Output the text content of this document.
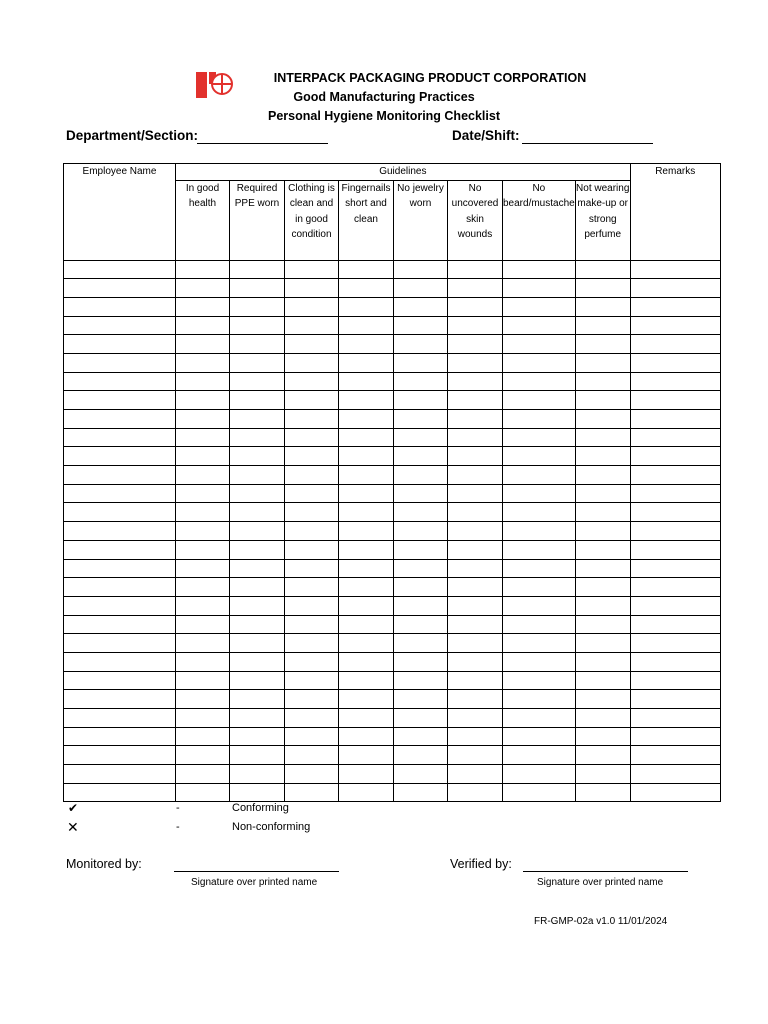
INTERPACK PACKAGING PRODUCT CORPORATION
Good Manufacturing Practices
Personal Hygiene Monitoring Checklist
Department/Section:	Date/Shift:
Employee Name	Guidelines								Remarks
	In good health	Required PPE worn	Clothing is clean and in good condition	Fingernails short and clean	No jewelry worn	No uncovered skin wounds	No beard/mustache	Not wearing make-up or strong perfume	

✔	-	Conforming
✕	-	Non-conforming
Monitored by:
Signature over printed name
Verified by:
Signature over printed name
FR-GMP-02a v1.0 11/01/2024
